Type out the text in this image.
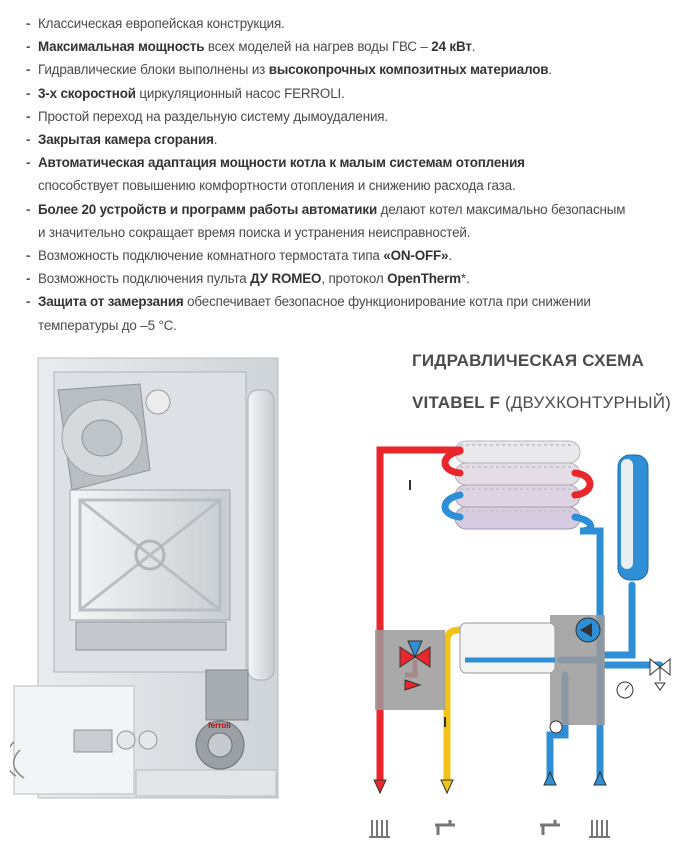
- Классическая европейская конструкция.
- Максимальная мощность всех моделей на нагрев воды ГВС – 24 кВт.
- Гидравлические блоки выполнены из высокопрочных композитных материалов.
- 3-х скоростной циркуляционный насос FERROLI.
- Простой переход на раздельную систему дымоудаления.
- Закрытая камера сгорания.
- Автоматическая адаптация мощности котла к малым системам отопления
способствует повышению комфортности отопления и снижению расхода газа.
- Более 20 устройств и программ работы автоматики делают котел максимально безопасным
и значительно сокращает время поиска и устранения неисправностей.
- Возможность подключение комнатного термостата типа «ON-OFF».
- Возможность подключения пульта ДУ ROMEO, протокол OpenTherm*.
- Защита от замерзания обеспечивает безопасное функционирование котла при снижении
температуры до –5 °С.
ГИДРАВЛИЧЕСКАЯ СХЕМА
VITABEL F (ДВУХКОНТУРНЫЙ)
ferroli
